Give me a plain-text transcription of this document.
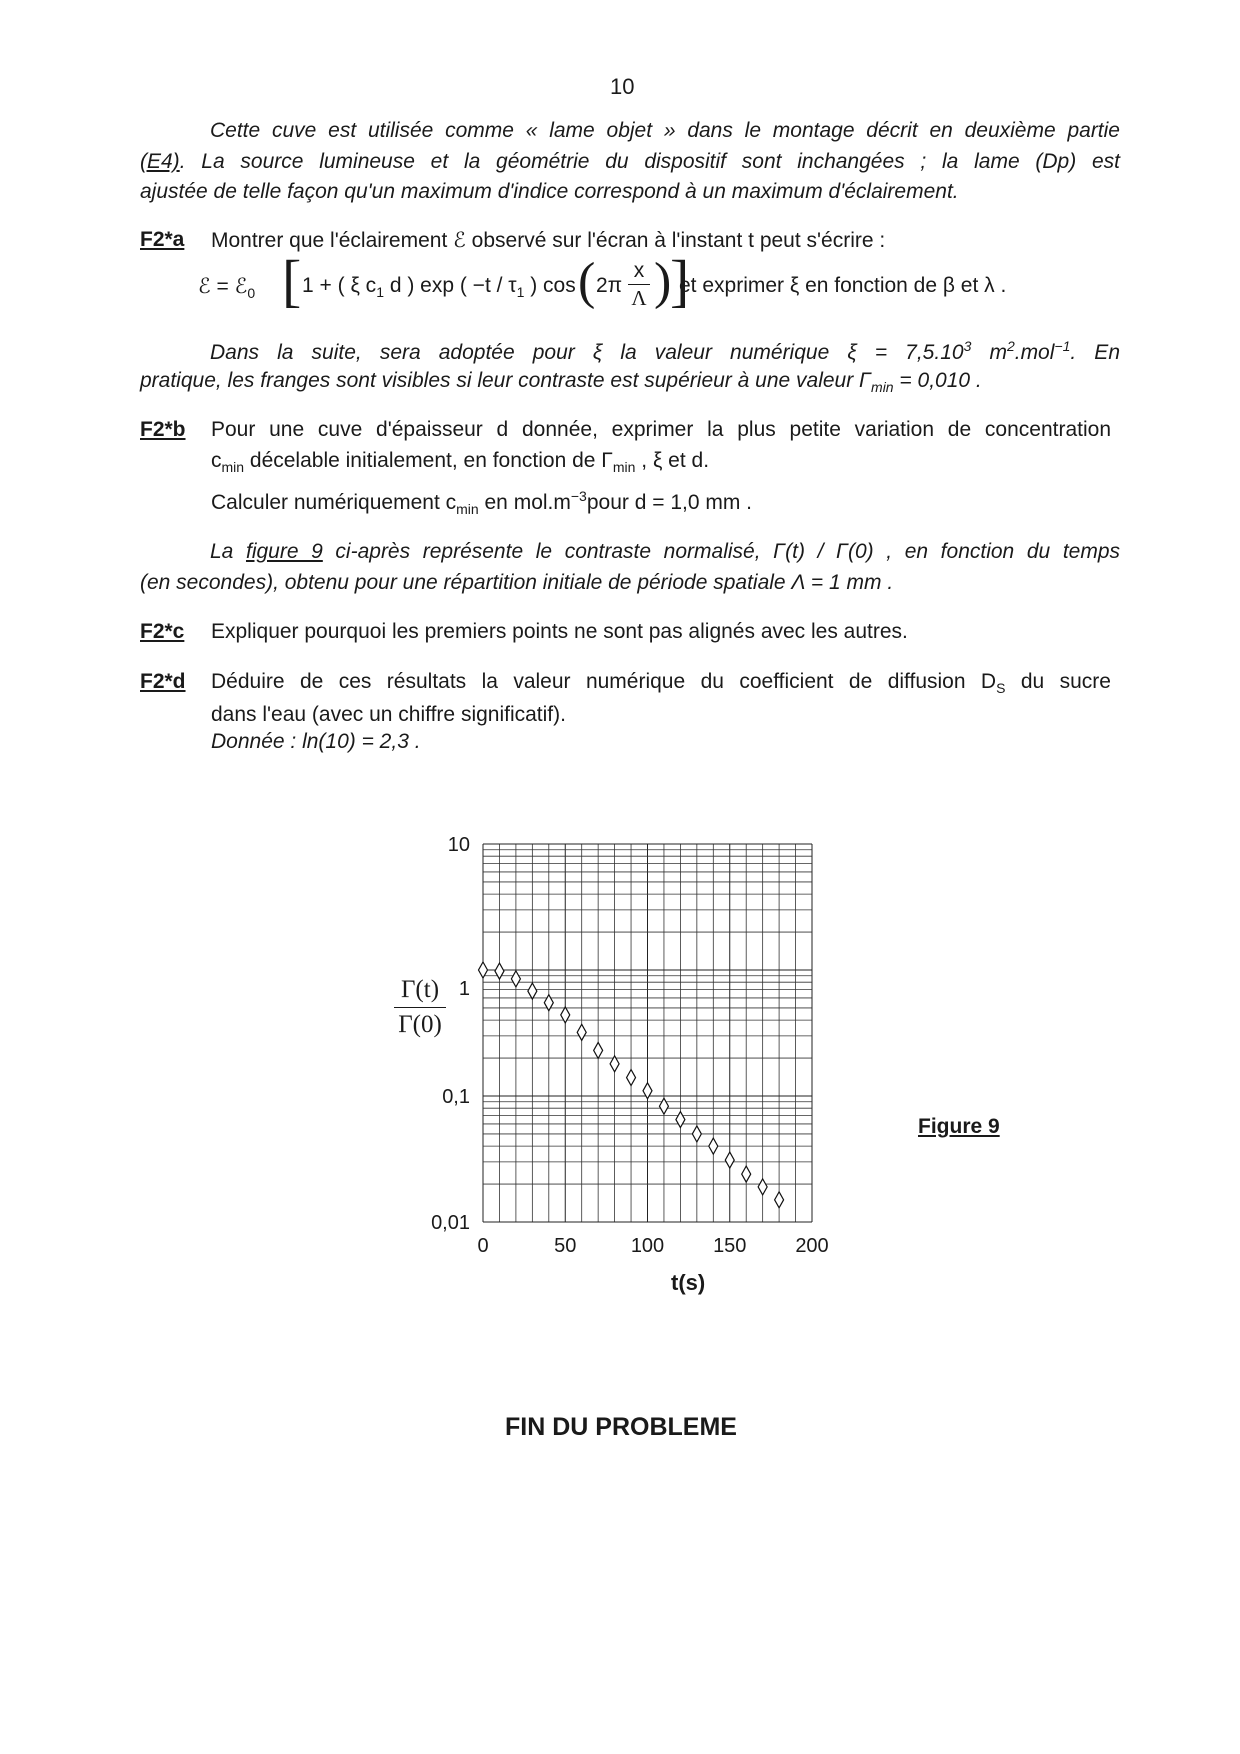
10
Cette cuve est utilisée comme « lame objet » dans le montage décrit en deuxième partie
(E4). La source lumineuse et la géométrie du dispositif sont inchangées ; la lame (Dp) est
ajustée de telle façon qu'un maximum d'indice correspond à un maximum d'éclairement.
F2*a Montrer que l'éclairement ℰ observé sur l'écran à l'instant t peut s'écrire :
ℰ = ℰ$_0$ [ 1 + ( ξ $c_1$ d ) exp ( $-t / \tau_1$ ) cos ( 2π
x
Λ )
]
et exprimer ξ en fonction de β et λ .
Dans la suite, sera adoptée pour ξ la valeur numérique $\xi = 7,5.10^3$ $m^2.mol^{-1}$. En
pratique, les franges sont visibles si leur contraste est supérieur à une valeur $\Gamma_{min} = 0,010$ .
F2*b Pour une cuve d'épaisseur d donnée, exprimer la plus petite variation de concentration
$c_{min}$ décelable initialement, en fonction de $\Gamma_{min}$ , ξ et d.
Calculer numériquement $c_{min}$ en $mol.m^{-3}pour$ d = 1,0 mm .
La figure 9 ci-après représente le contraste normalisé, Γ(t) / Γ(0) , en fonction du temps
(en secondes), obtenu pour une répartition initiale de période spatiale Λ = 1 mm .
F2*c Expliquer pourquoi les premiers points ne sont pas alignés avec les autres.
F2*d Déduire de ces résultats la valeur numérique du coefficient de diffusion $D_S$ du sucre
dans l'eau (avec un chiffre significatif).
Donnée : ln(10) = 2,3 .
0	50	100 150 200
10
1
0,1
0,01
Γ(t)
Γ(0)
t(s)
Figure 9
FIN DU PROBLEME
